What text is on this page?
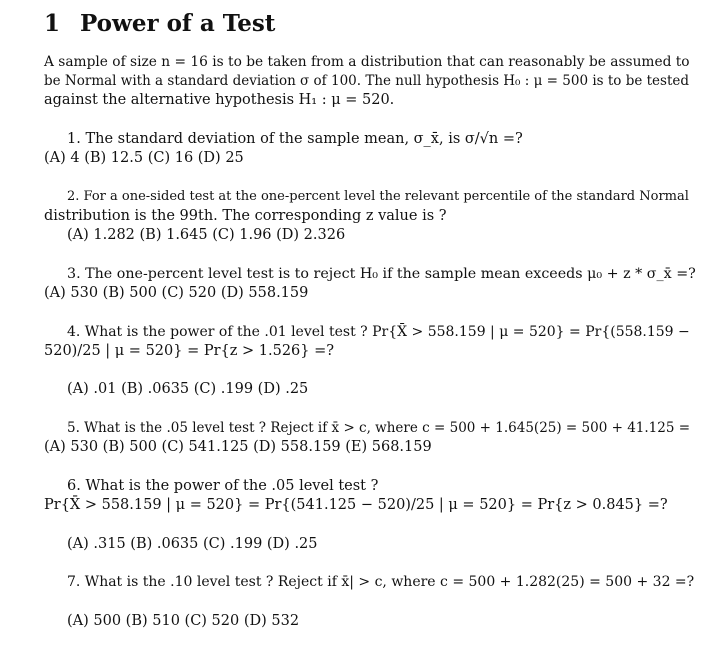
1 Power of a Test
A sample of size n = 16 is to be taken from a distribution that can reasonably be assumed to
be Normal with a standard deviation σ of 100. The null hypothesis H₀ : μ = 500 is to be tested
against the alternative hypothesis H₁ : μ = 520.
1. The standard deviation of the sample mean, σ_x̄, is σ/√n =?
(A) 4 (B) 12.5 (C) 16 (D) 25
2. For a one-sided test at the one-percent level the relevant percentile of the standard Normal
distribution is the 99th. The corresponding z value is ?
(A) 1.282 (B) 1.645 (C) 1.96 (D) 2.326
3. The one-percent level test is to reject H₀ if the sample mean exceeds μ₀ + z * σ_x̄ =?
(A) 530 (B) 500 (C) 520 (D) 558.159
4. What is the power of the .01 level test ? Pr{X̄ > 558.159 | μ = 520} = Pr{(558.159 −
520)/25 | μ = 520} = Pr{z > 1.526} =?
(A) .01 (B) .0635 (C) .199 (D) .25
5. What is the .05 level test ? Reject if x̄ > c, where c = 500 + 1.645(25) = 500 + 41.125 =
(A) 530 (B) 500 (C) 541.125 (D) 558.159 (E) 568.159
6. What is the power of the .05 level test ?
Pr{X̄ > 558.159 | μ = 520} = Pr{(541.125 − 520)/25 | μ = 520} = Pr{z > 0.845} =?
(A) .315 (B) .0635 (C) .199 (D) .25
7. What is the .10 level test ? Reject if x̄| > c, where c = 500 + 1.282(25) = 500 + 32 =?
(A) 500 (B) 510 (C) 520 (D) 532
